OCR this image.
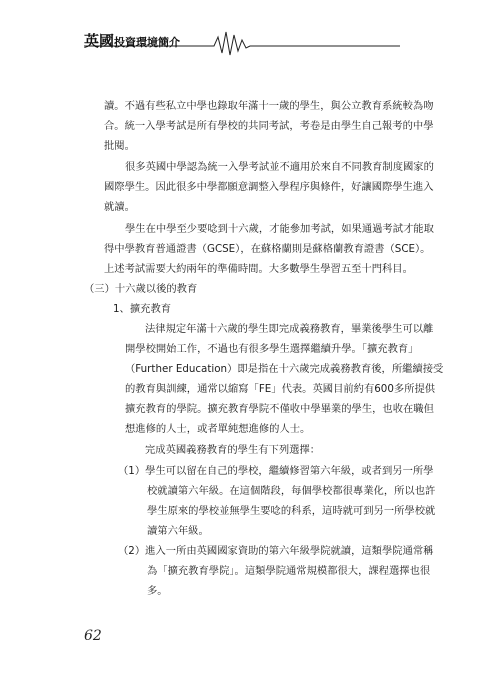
英國投資環境簡介
62
讀。不過有些私立中學也錄取年滿十一歲的學生，與公立教育系統較為吻
合。統一入學考試是所有學校的共同考試，考卷是由學生自己報考的中學
批閱。
很多英國中學認為統一入學考試並不適用於來自不同教育制度國家的
國際學生。因此很多中學都願意調整入學程序與條件，好讓國際學生進入
就讀。
學生在中學至少要唸到十六歲，才能參加考試，如果通過考試才能取
得中學教育普通證書（GCSE），在蘇格蘭則是蘇格蘭教育證書（SCE）。
上述考試需要大約兩年的準備時間。大多數學生學習五至十門科目。
（三）十六歲以後的教育
1、擴充教育
法律規定年滿十六歲的學生即完成義務教育，畢業後學生可以離
開學校開始工作，不過也有很多學生選擇繼續升學。「擴充教育」
（Further Education）即是指在十六歲完成義務教育後，所繼續接受
的教育與訓練，通常以縮寫「FE」代表。英國目前約有600多所提供
擴充教育的學院。擴充教育學院不僅收中學畢業的學生，也收在職但
想進修的人士，或者單純想進修的人士。
完成英國義務教育的學生有下列選擇：
（1）學生可以留在自己的學校，繼續修習第六年級，或者到另一所學
校就讀第六年級。在這個階段，每個學校都很專業化，所以也許
學生原來的學校並無學生要唸的科系，這時就可到另一所學校就
讀第六年級。
（2）進入一所由英國國家資助的第六年級學院就讀，這類學院通常稱
為「擴充教育學院」。這類學院通常規模都很大，課程選擇也很
多。
